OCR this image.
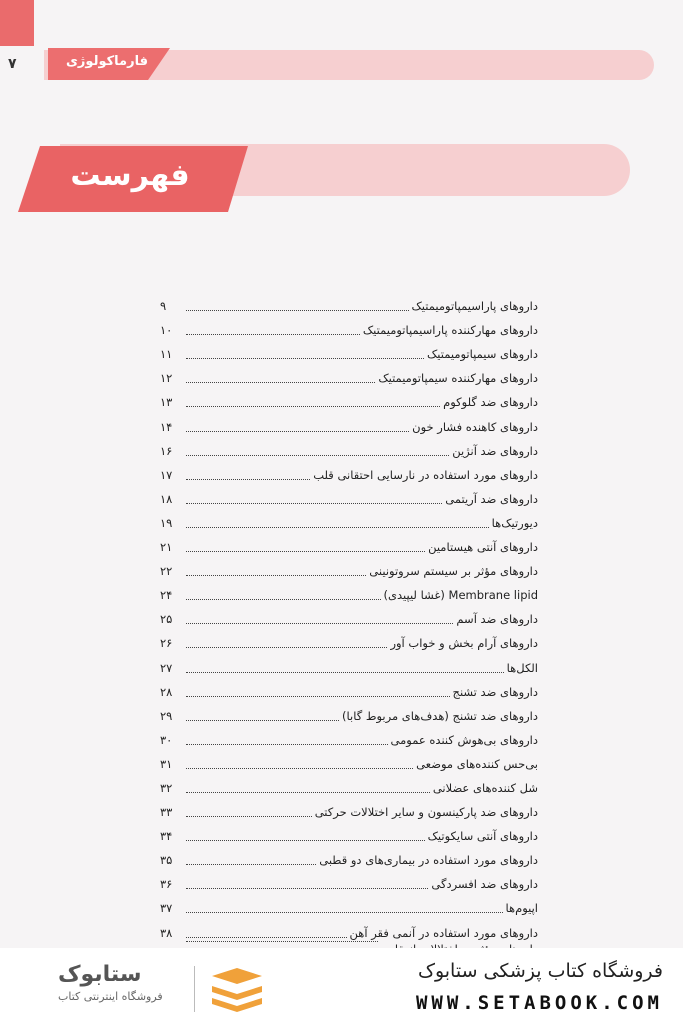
فارماکولوژی
۷
فهرست
داروهای پاراسیمپاتومیمتیک
۹
داروهای مهارکننده پاراسیمپاتومیمتیک
۱۰
داروهای سیمپاتومیمتیک
۱۱
داروهای مهارکننده سیمپاتومیمتیک
۱۲
داروهای ضد گلوکوم
۱۳
داروهای کاهنده فشار خون
۱۴
داروهای ضد آنژین
۱۶
داروهای مورد استفاده در نارسایی احتقانی قلب
۱۷
داروهای ضد آریتمی
۱۸
دیورتیک‌ها
۱۹
داروهای آنتی هیستامین
۲۱
داروهای مؤثر بر سیستم سروتونینی
۲۲
Membrane lipid (غشا لیپیدی)
۲۴
داروهای ضد آسم
۲۵
داروهای آرام بخش و خواب آور
۲۶
الکل‌ها
۲۷
داروهای ضد تشنج
۲۸
داروهای ضد تشنج (هدف‌های مربوط گابا)
۲۹
داروهای بی‌هوش کننده عمومی
۳۰
بی‌حس کننده‌های موضعی
۳۱
شل کننده‌های عضلانی
۳۲
داروهای ضد پارکینسون و سایر اختلالات حرکتی
۳۳
داروهای آنتی سایکوتیک
۳۴
داروهای مورد استفاده در بیماری‌های دو قطبی
۳۵
داروهای ضد افسردگی
۳۶
اپیوم‌ها
۳۷
داروهای مورد استفاده در آنمی فقر آهن
۳۸
ستابوک
فروشگاه اینترنتی کتاب
فروشگاه کتاب پزشکی ستابوک
WWW.SETABOOK.COM
